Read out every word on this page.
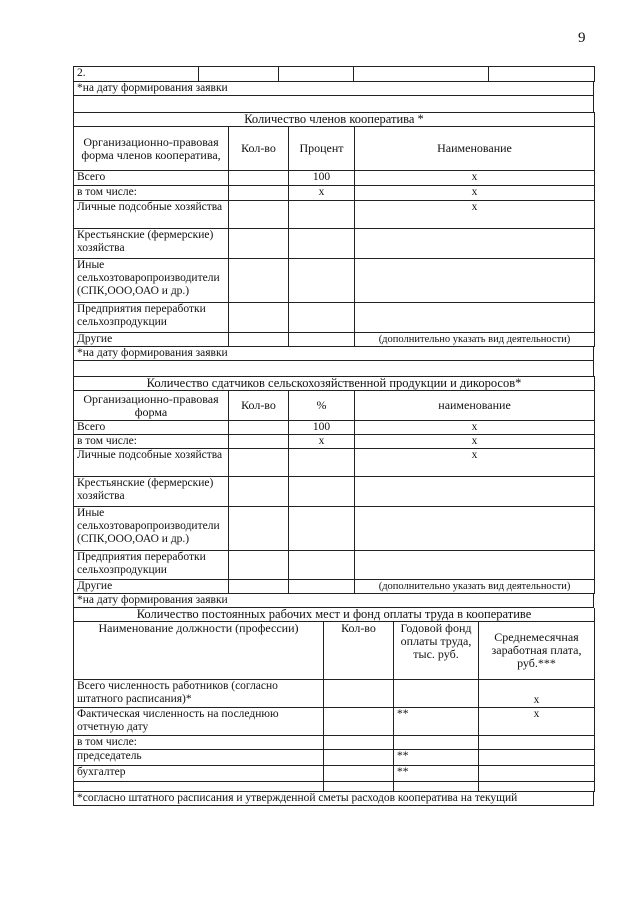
9
2.				
*на дату формирования заявки
Количество членов кооператива *			
Организационно-правовая форма членов кооператива,	Кол-во	Процент	Наименование
Всего		100	х
в том числе:		х	х
Личные подсобные хозяйства			х
Крестьянские (фермерские) хозяйства			
Иные сельхозтоваропроизводители (СПК,ООО,ОАО и др.)			
Предприятия переработки сельхозпродукции			
Другие			(дополнительно указать вид деятельности)
*на дату формирования заявки
Количество сдатчиков сельскохозяйственной продукции и дикоросов*			
Организационно-правовая форма	Кол-во	%	наименование
Всего		100	х
в том числе:		х	х
Личные подсобные хозяйства			х
Крестьянские (фермерские) хозяйства			
Иные сельхозтоваропроизводители (СПК,ООО,ОАО и др.)			
Предприятия переработки сельхозпродукции			
Другие			(дополнительно указать вид деятельности)
*на дату формирования заявки
Количество постоянных рабочих мест и фонд оплаты труда в кооперативе			
Наименование должности (профессии)	Кол-во	Годовой фонд оплаты труда, тыс. руб.	Среднемесячная заработная плата, руб.***
Всего численность работников (согласно штатного расписания)*			х
Фактическая численность на последнюю отчетную дату		**	х
в том числе:			
председатель		**	
бухгалтер		**	

*согласно штатного расписания и утвержденной сметы расходов кооператива на текущий
